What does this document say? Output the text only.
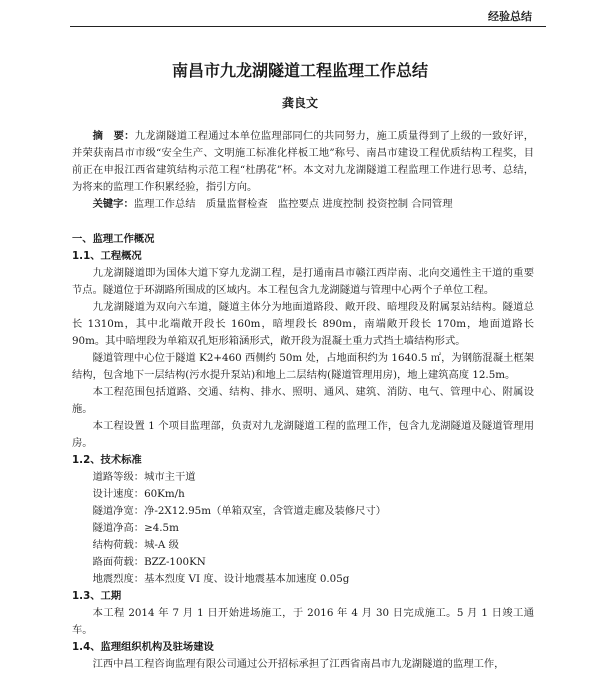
经验总结
南昌市九龙湖隧道工程监理工作总结
龚良文

摘　要：九龙湖隧道工程通过本单位监理部同仁的共同努力，施工质量得到了上级的一致好评，并荣获南昌市市级“安全生产、文明施工标准化样板工地”称号、南昌市建设工程优质结构工程奖，目前正在申报江西省建筑结构示范工程“杜鹃花”杯。本文对九龙湖隧道工程监理工作进行思考、总结，为将来的监理工作积累经验，指引方向。

关键字：监理工作总结　质量监督检查　监控要点 进度控制 投资控制 合同管理

一、监理工作概况

1.1、工程概况

九龙湖隧道即为国体大道下穿九龙湖工程，是打通南昌市赣江西岸南、北向交通性主干道的重要节点。隧道位于环湖路所围成的区域内。本工程包含九龙湖隧道与管理中心两个子单位工程。

九龙湖隧道为双向六车道，隧道主体分为地面道路段、敞开段、暗埋段及附属泵站结构。隧道总长 1310m，其中北端敞开段长 160m，暗埋段长 890m，南端敞开段长 170m，地面道路长 90m。其中暗埋段为单箱双孔矩形箱涵形式，敞开段为混凝土重力式挡土墙结构形式。

隧道管理中心位于隧道 K2+460 西侧约 50m 处，占地面积约为 1640.5 ㎡，为钢筋混凝土框架结构，包含地下一层结构(污水提升泵站)和地上二层结构(隧道管理用房)，地上建筑高度 12.5m。

本工程范围包括道路、交通、结构、排水、照明、通风、建筑、消防、电气、管理中心、附属设施。

本工程设置 1 个项目监理部，负责对九龙湖隧道工程的监理工作，包含九龙湖隧道及隧道管理用房。

1.2、技术标准

道路等级：城市主干道

设计速度：60Km/h

隧道净宽：净-2X12.95m（单箱双室，含管道走廊及装修尺寸）

隧道净高：≥4.5m

结构荷载：城-A 级

路面荷载：BZZ-100KN

地震烈度：基本烈度 VI 度、设计地震基本加速度 0.05g

1.3、工期

本工程 2014 年 7 月 1 日开始进场施工，于 2016 年 4 月 30 日完成施工。5 月 1 日竣工通车。

1.4、监理组织机构及驻场建设

江西中昌工程咨询监理有限公司通过公开招标承担了江西省南昌市九龙湖隧道的监理工作，
